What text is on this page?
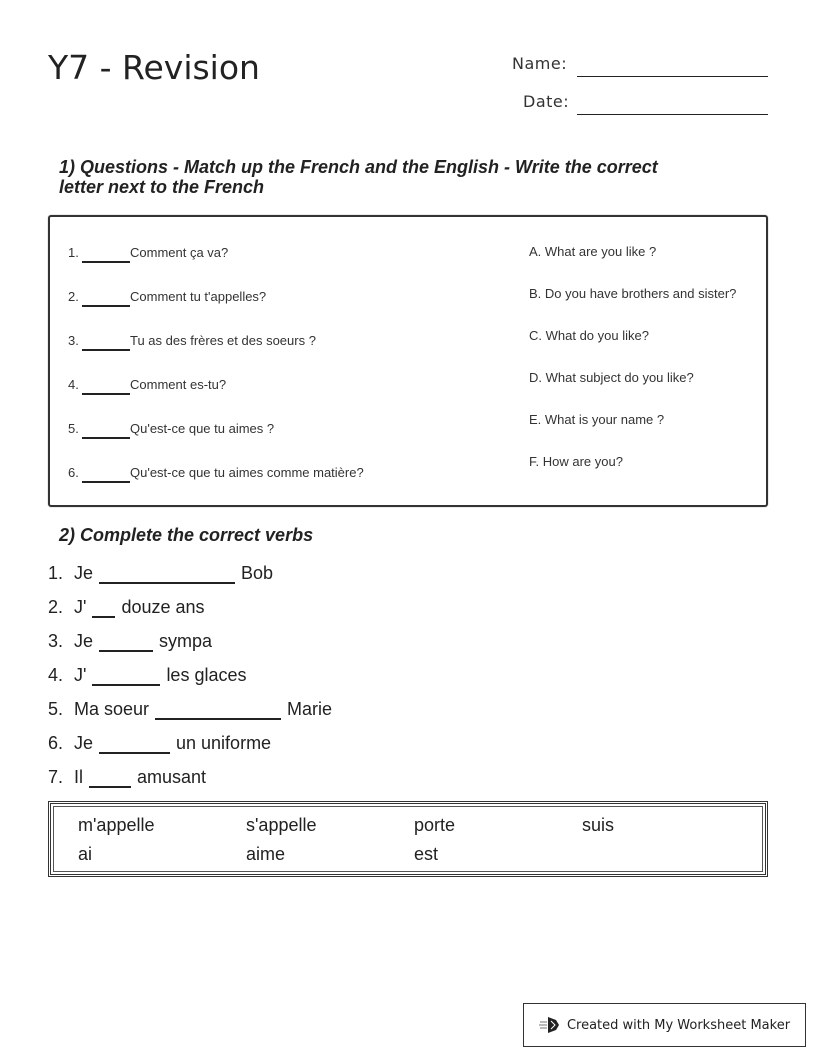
Y7 - Revision	Name:
Date:
1) Questions - Match up the French and the English - Write the correct
letter next to the French
1.	Comment ça va?
2.	Comment tu t'appelles?
3.	Tu as des frères et des soeurs ?
4.	Comment es-tu?
5.	Qu'est-ce que tu aimes ?
6.	Qu'est-ce que tu aimes comme matière?
A. What are you like ?
B. Do you have brothers and sister?
C. What do you like?
D. What subject do you like?
E. What is your name ?
F. How are you?
2) Complete the correct verbs
1. Je	Bob
2. J' douze ans
3. Je	sympa
4. J'	les glaces
5. Ma soeur	Marie
6. Je	un uniforme
7. Il	amusant
m'appelle	s'appelle	porte	suis
ai	aime	est
Created with My Worksheet Maker
